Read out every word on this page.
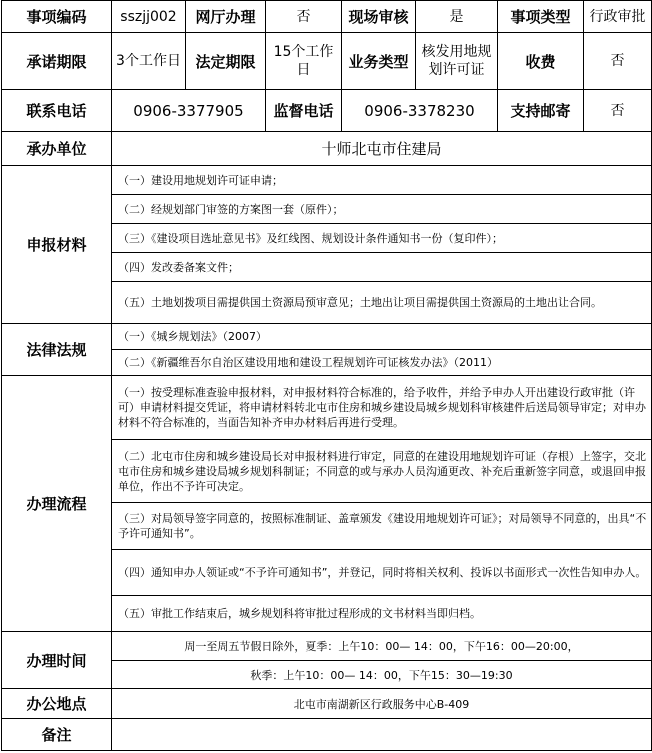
事项编码	sszjj002	网厅办理	否	现场审核	是	事项类型	行政审批
承诺期限	3个工作日	法定期限	15个工作日	业务类型	核发用地规划许可证	收费	否
联系电话	0906-3377905		监督电话	0906-3378230		支持邮寄	否
承办单位	十师北屯市住建局						
申报材料	（一）建设用地规划许可证申请；						
	（二）经规划部门审签的方案图一套（原件）；						
	（三）《建设项目选址意见书》及红线图、规划设计条件通知书一份（复印件）；						
	（四）发改委备案文件；						
	（五）土地划拨项目需提供国土资源局预审意见；土地出让项目需提供国土资源局的土地出让合同。						
法律法规	（一）《城乡规划法》（2007）						
	（二）《新疆维吾尔自治区建设用地和建设工程规划许可证核发办法》（2011）						
办理流程	（一）按受理标准查验申报材料，对申报材料符合标准的，给予收件，并给予申办人开出建设行政审批（许可）申请材料提交凭证，将申请材料转北屯市住房和城乡建设局城乡规划科审核建件后送局领导审定；对申办材料不符合标准的，当面告知补齐申办材料后再进行受理。						
	（二）北屯市住房和城乡建设局长对申报材料进行审定，同意的在建设用地规划许可证（存根）上签字，交北屯市住房和城乡建设局城乡规划科制证；不同意的或与承办人员沟通更改、补充后重新签字同意，或退回申报单位，作出不予许可决定。						
	（三）对局领导签字同意的，按照标准制证、盖章颁发《建设用地规划许可证》；对局领导不同意的，出具“不予许可通知书”。						
	（四）通知申办人领证或“不予许可通知书”，并登记，同时将相关权利、投诉以书面形式一次性告知申办人。						
	（五）审批工作结束后，城乡规划科将审批过程形成的文书材料当即归档。						
办理时间	周一至周五节假日除外，夏季：上午10：00— 14：00，下午16：00—20:00，						
	秋季：上午10：00— 14：00，下午15：30—19:30						
办公地点	北屯市南湖新区行政服务中心B-409						
备注							
